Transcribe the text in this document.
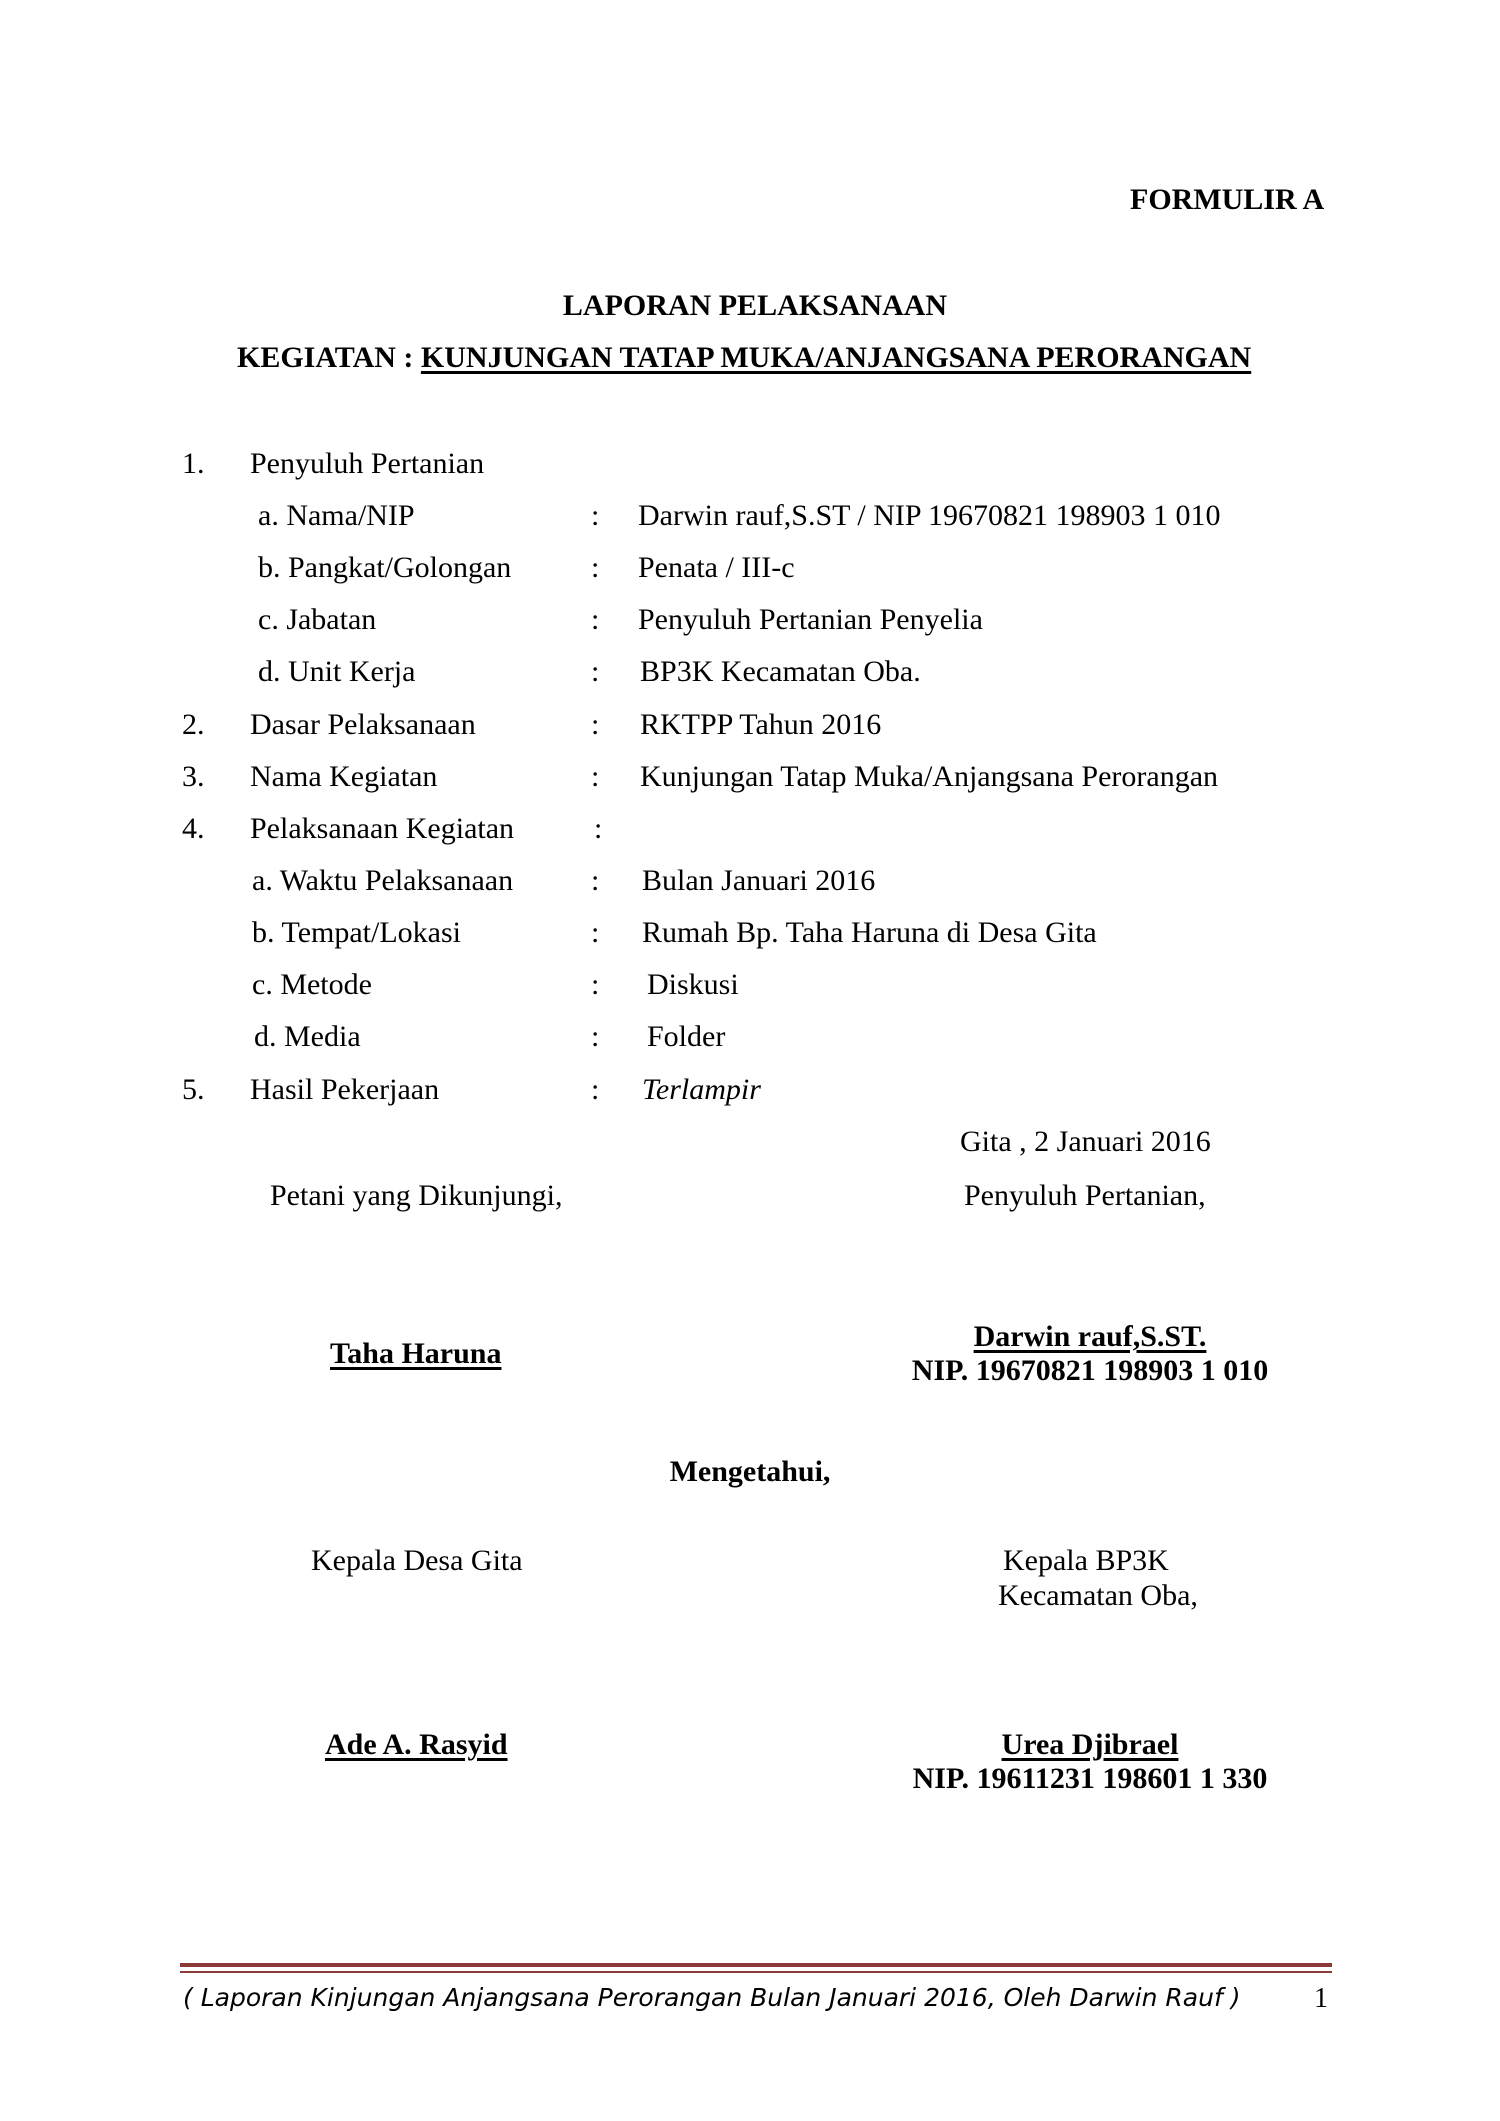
FORMULIR A
LAPORAN PELAKSANAAN
KEGIATAN : KUNJUNGAN TATAP MUKA/ANJANGSANA PERORANGAN
1. Penyuluh Pertanian
a. Nama/NIP	: Darwin rauf,S.ST / NIP 19670821 198903 1 010
b. Pangkat/Golongan	: Penata / III-c
c. Jabatan	: Penyuluh Pertanian Penyelia
d. Unit Kerja	: BP3K Kecamatan Oba.
2. Dasar Pelaksanaan	: RKTPP Tahun 2016
3. Nama Kegiatan	: Kunjungan Tatap Muka/Anjangsana Perorangan
4. Pelaksanaan Kegiatan	:
a. Waktu Pelaksanaan	: Bulan Januari 2016
b. Tempat/Lokasi	: Rumah Bp. Taha Haruna di Desa Gita
c. Metode	: Diskusi
d. Media	: Folder
5. Hasil Pekerjaan	: Terlampir
Gita , 2 Januari 2016
Petani yang Dikunjungi,	Penyuluh Pertanian,
Taha Haruna
Darwin rauf,S.ST.
NIP. 19670821 198903 1 010
Mengetahui,
Kepala Desa Gita	Kepala BP3K
Kecamatan Oba,
Ade A. Rasyid	Urea Djibrael
NIP. 19611231 198601 1 330
( Laporan Kinjungan Anjangsana Perorangan Bulan Januari 2016, Oleh Darwin Rauf )	1
